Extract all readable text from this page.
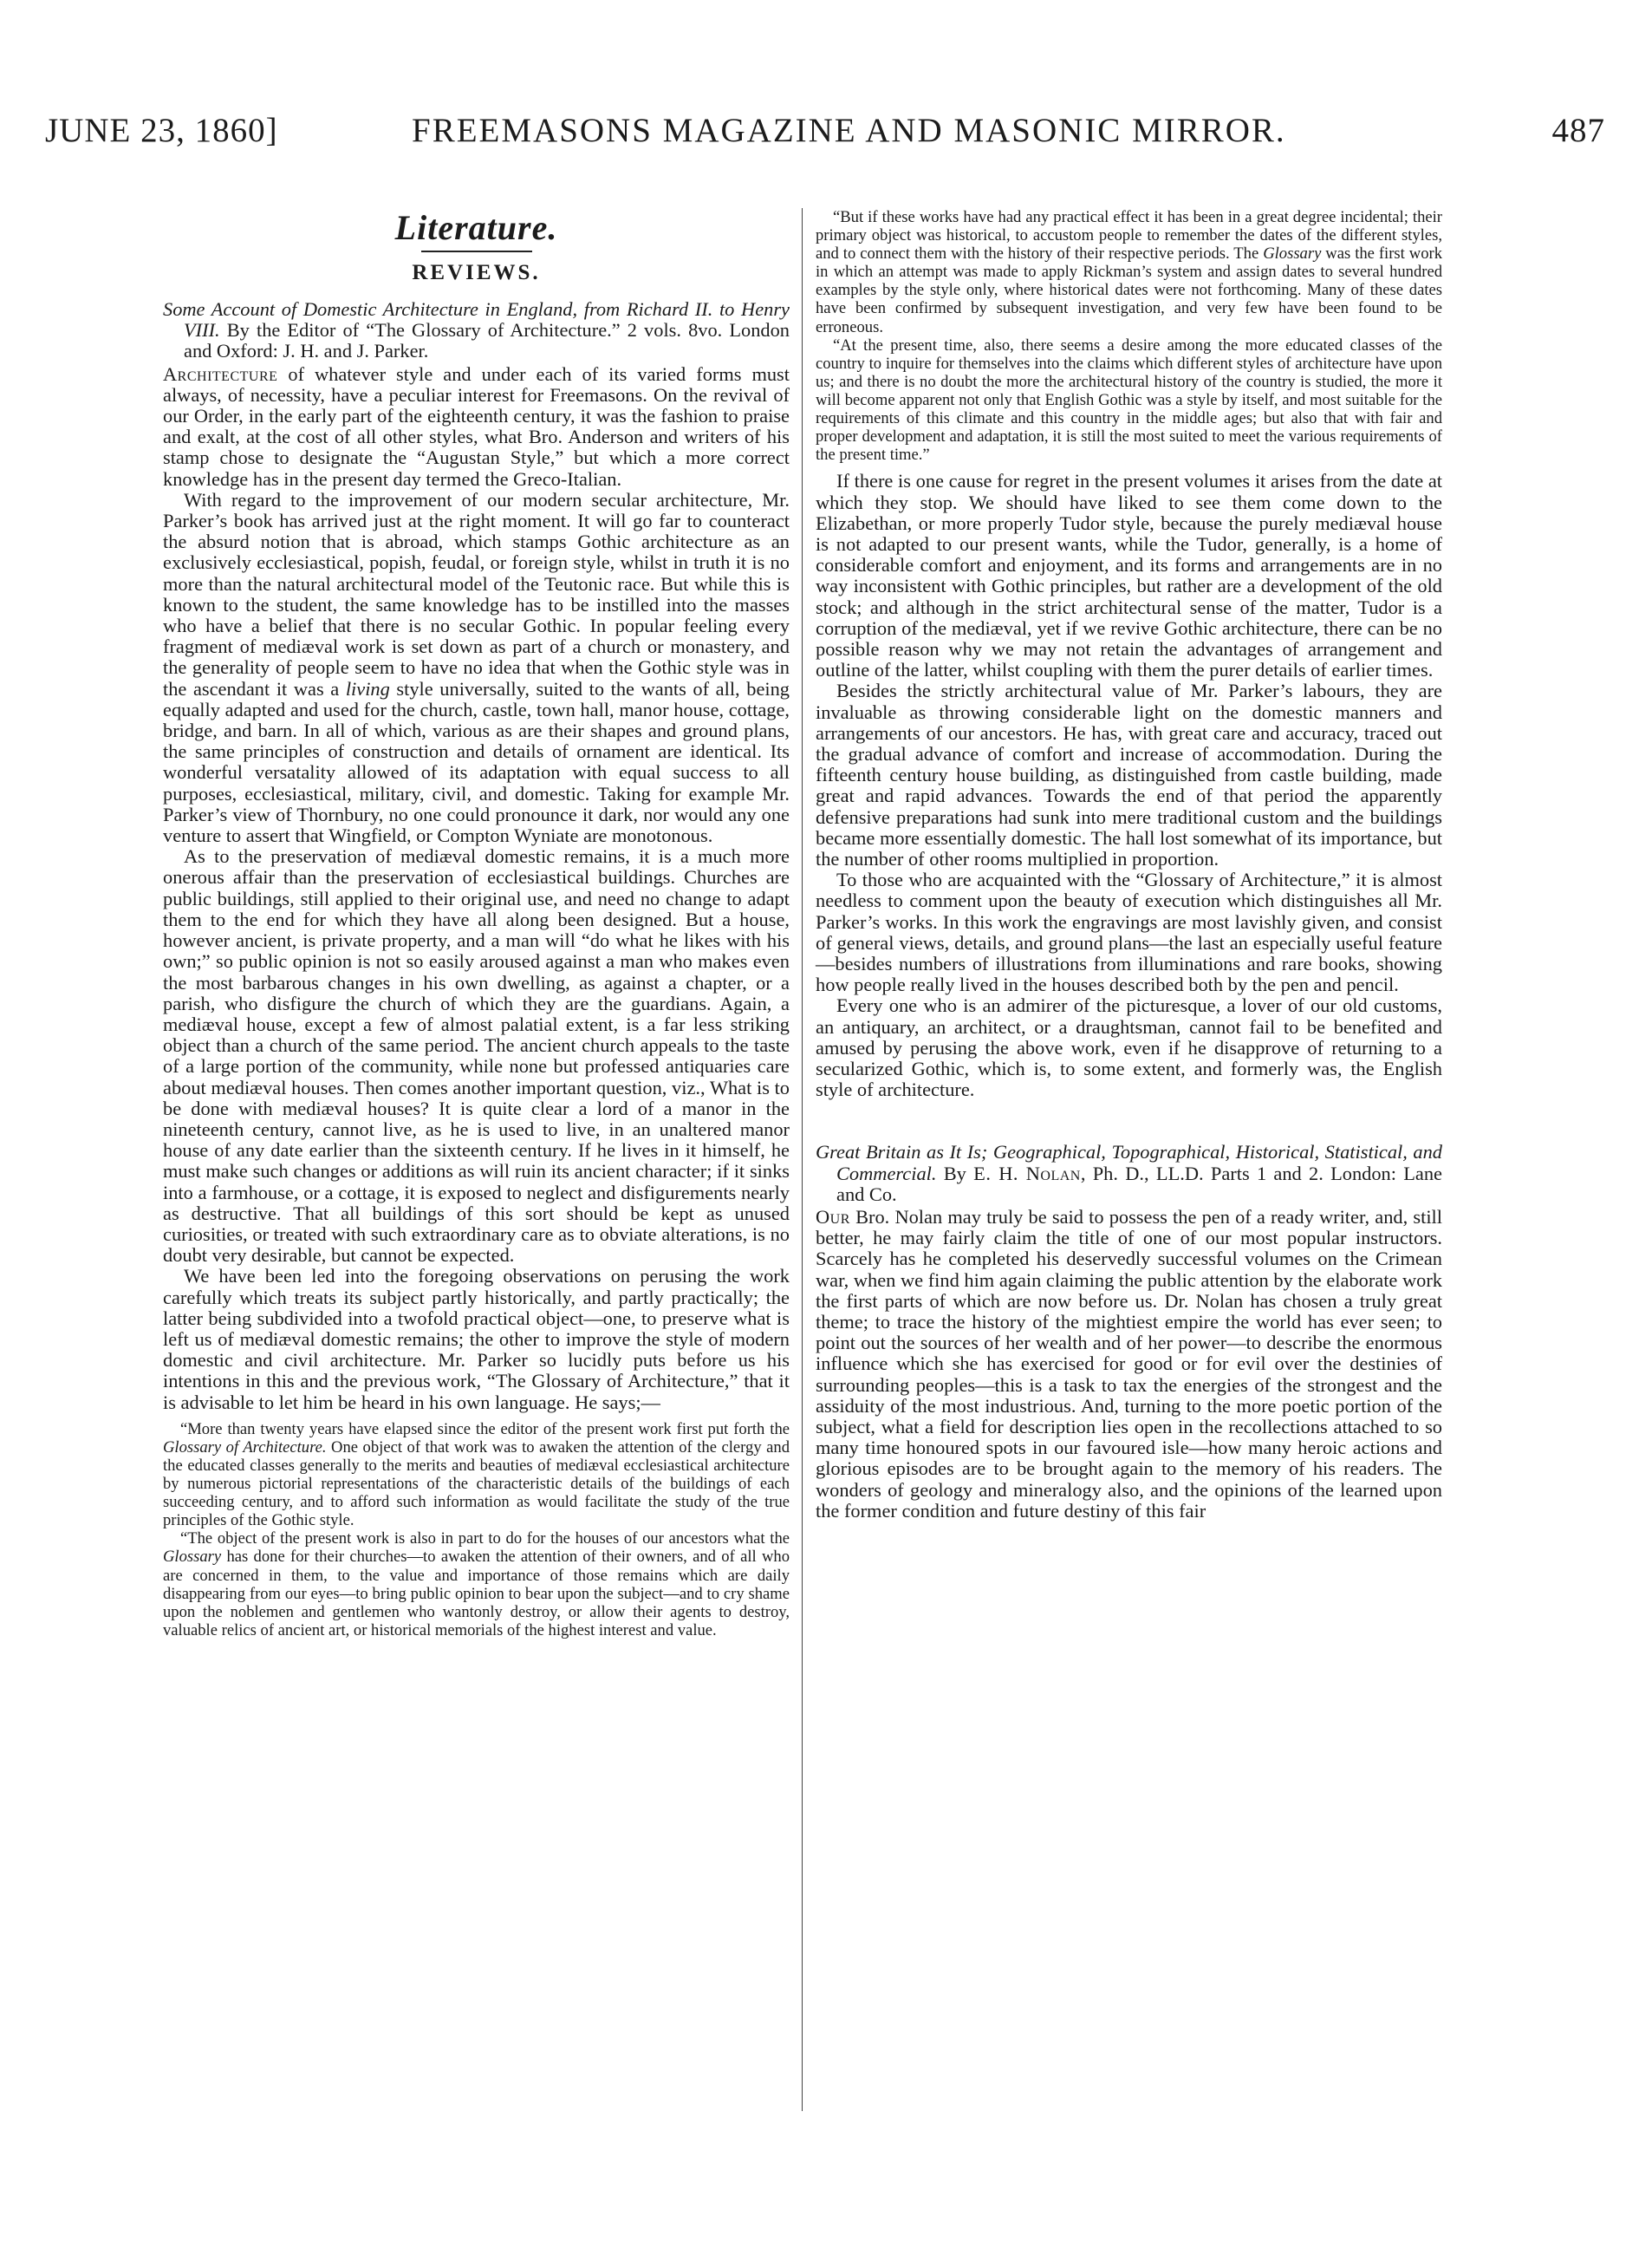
JUNE 23, 1860]	FREEMASONS MAGAZINE AND MASONIC MIRROR.	487
Literature.
REVIEWS.

Some Account of Domestic Architecture in England, from Richard II. to Henry VIII. By the Editor of “The Glossary of Architecture.” 2 vols. 8vo. London and Oxford: J. H. and J. Parker.

Architecture of whatever style and under each of its varied forms must always, of necessity, have a peculiar interest for Freemasons. On the revival of our Order, in the early part of the eighteenth century, it was the fashion to praise and exalt, at the cost of all other styles, what Bro. Anderson and writers of his stamp chose to designate the “Augustan Style,” but which a more correct knowledge has in the present day termed the Greco-Italian.

With regard to the improvement of our modern secular architecture, Mr. Parker’s book has arrived just at the right moment. It will go far to counteract the absurd notion that is abroad, which stamps Gothic architecture as an exclusively ecclesiastical, popish, feudal, or foreign style, whilst in truth it is no more than the natural architectural model of the Teutonic race. But while this is known to the student, the same knowledge has to be instilled into the masses who have a belief that there is no secular Gothic. In popular feeling every fragment of mediæval work is set down as part of a church or monastery, and the generality of people seem to have no idea that when the Gothic style was in the ascendant it was a living style universally, suited to the wants of all, being equally adapted and used for the church, castle, town hall, manor house, cottage, bridge, and barn. In all of which, various as are their shapes and ground plans, the same principles of construction and details of ornament are identical. Its wonderful versatality allowed of its adaptation with equal success to all purposes, ecclesiastical, military, civil, and domestic. Taking for example Mr. Parker’s view of Thornbury, no one could pronounce it dark, nor would any one venture to assert that Wingfield, or Compton Wyniate are monotonous.

As to the preservation of mediæval domestic remains, it is a much more onerous affair than the preservation of ecclesiastical buildings. Churches are public buildings, still applied to their original use, and need no change to adapt them to the end for which they have all along been designed. But a house, however ancient, is private property, and a man will “do what he likes with his own;” so public opinion is not so easily aroused against a man who makes even the most barbarous changes in his own dwelling, as against a chapter, or a parish, who disfigure the church of which they are the guardians. Again, a mediæval house, except a few of almost palatial extent, is a far less striking object than a church of the same period. The ancient church appeals to the taste of a large portion of the community, while none but professed antiquaries care about mediæval houses. Then comes another important question, viz., What is to be done with mediæval houses? It is quite clear a lord of a manor in the nineteenth century, cannot live, as he is used to live, in an unaltered manor house of any date earlier than the sixteenth century. If he lives in it himself, he must make such changes or additions as will ruin its ancient character; if it sinks into a farmhouse, or a cottage, it is exposed to neglect and disfigurements nearly as destructive. That all buildings of this sort should be kept as unused curiosities, or treated with such extraordinary care as to obviate alterations, is no doubt very desirable, but cannot be expected.

We have been led into the foregoing observations on perusing the work carefully which treats its subject partly historically, and partly practically; the latter being subdivided into a twofold practical object—one, to preserve what is left us of mediæval domestic remains; the other to improve the style of modern domestic and civil architecture. Mr. Parker so lucidly puts before us his intentions in this and the previous work, “The Glossary of Architecture,” that it is advisable to let him be heard in his own language. He says;—

“More than twenty years have elapsed since the editor of the present work first put forth the Glossary of Architecture. One object of that work was to awaken the attention of the clergy and the educated classes generally to the merits and beauties of mediæval ecclesiastical architecture by numerous pictorial representations of the characteristic details of the buildings of each succeeding century, and to afford such information as would facilitate the study of the true principles of the Gothic style.

“The object of the present work is also in part to do for the houses of our ancestors what the Glossary has done for their churches—to awaken the attention of their owners, and of all who are concerned in them, to the value and importance of those remains which are daily disappearing from our eyes—to bring public opinion to bear upon the subject—and to cry shame upon the noblemen and gentlemen who wantonly destroy, or allow their agents to destroy, valuable relics of ancient art, or historical memorials of the highest interest and value.

“But if these works have had any practical effect it has been in a great degree incidental; their primary object was historical, to accustom people to remember the dates of the different styles, and to connect them with the history of their respective periods. The Glossary was the first work in which an attempt was made to apply Rickman’s system and assign dates to several hundred examples by the style only, where historical dates were not forthcoming. Many of these dates have been confirmed by subsequent investigation, and very few have been found to be erroneous.

“At the present time, also, there seems a desire among the more educated classes of the country to inquire for themselves into the claims which different styles of architecture have upon us; and there is no doubt the more the architectural history of the country is studied, the more it will become apparent not only that English Gothic was a style by itself, and most suitable for the requirements of this climate and this country in the middle ages; but also that with fair and proper development and adaptation, it is still the most suited to meet the various requirements of the present time.”

If there is one cause for regret in the present volumes it arises from the date at which they stop. We should have liked to see them come down to the Elizabethan, or more properly Tudor style, because the purely mediæval house is not adapted to our present wants, while the Tudor, generally, is a home of considerable comfort and enjoyment, and its forms and arrangements are in no way inconsistent with Gothic principles, but rather are a development of the old stock; and although in the strict architectural sense of the matter, Tudor is a corruption of the mediæval, yet if we revive Gothic architecture, there can be no possible reason why we may not retain the advantages of arrangement and outline of the latter, whilst coupling with them the purer details of earlier times.

Besides the strictly architectural value of Mr. Parker’s labours, they are invaluable as throwing considerable light on the domestic manners and arrangements of our ancestors. He has, with great care and accuracy, traced out the gradual advance of comfort and increase of accommodation. During the fifteenth century house building, as distinguished from castle building, made great and rapid advances. Towards the end of that period the apparently defensive preparations had sunk into mere traditional custom and the buildings became more essentially domestic. The hall lost somewhat of its importance, but the number of other rooms multiplied in proportion.

To those who are acquainted with the “Glossary of Architecture,” it is almost needless to comment upon the beauty of execution which distinguishes all Mr. Parker’s works. In this work the engravings are most lavishly given, and consist of general views, details, and ground plans—the last an especially useful feature—besides numbers of illustrations from illuminations and rare books, showing how people really lived in the houses described both by the pen and pencil.

Every one who is an admirer of the picturesque, a lover of our old customs, an antiquary, an architect, or a draughtsman, cannot fail to be benefited and amused by perusing the above work, even if he disapprove of returning to a secularized Gothic, which is, to some extent, and formerly was, the English style of architecture.

Great Britain as It Is; Geographical, Topographical, Historical, Statistical, and Commercial. By E. H. Nolan, Ph. D., LL.D. Parts 1 and 2. London: Lane and Co.

Our Bro. Nolan may truly be said to possess the pen of a ready writer, and, still better, he may fairly claim the title of one of our most popular instructors. Scarcely has he completed his deservedly successful volumes on the Crimean war, when we find him again claiming the public attention by the elaborate work the first parts of which are now before us. Dr. Nolan has chosen a truly great theme; to trace the history of the mightiest empire the world has ever seen; to point out the sources of her wealth and of her power—to describe the enormous influence which she has exercised for good or for evil over the destinies of surrounding peoples—this is a task to tax the energies of the strongest and the assiduity of the most industrious. And, turning to the more poetic portion of the subject, what a field for description lies open in the recollections attached to so many time honoured spots in our favoured isle—how many heroic actions and glorious episodes are to be brought again to the memory of his readers. The wonders of geology and mineralogy also, and the opinions of the learned upon the former condition and future destiny of this fair
